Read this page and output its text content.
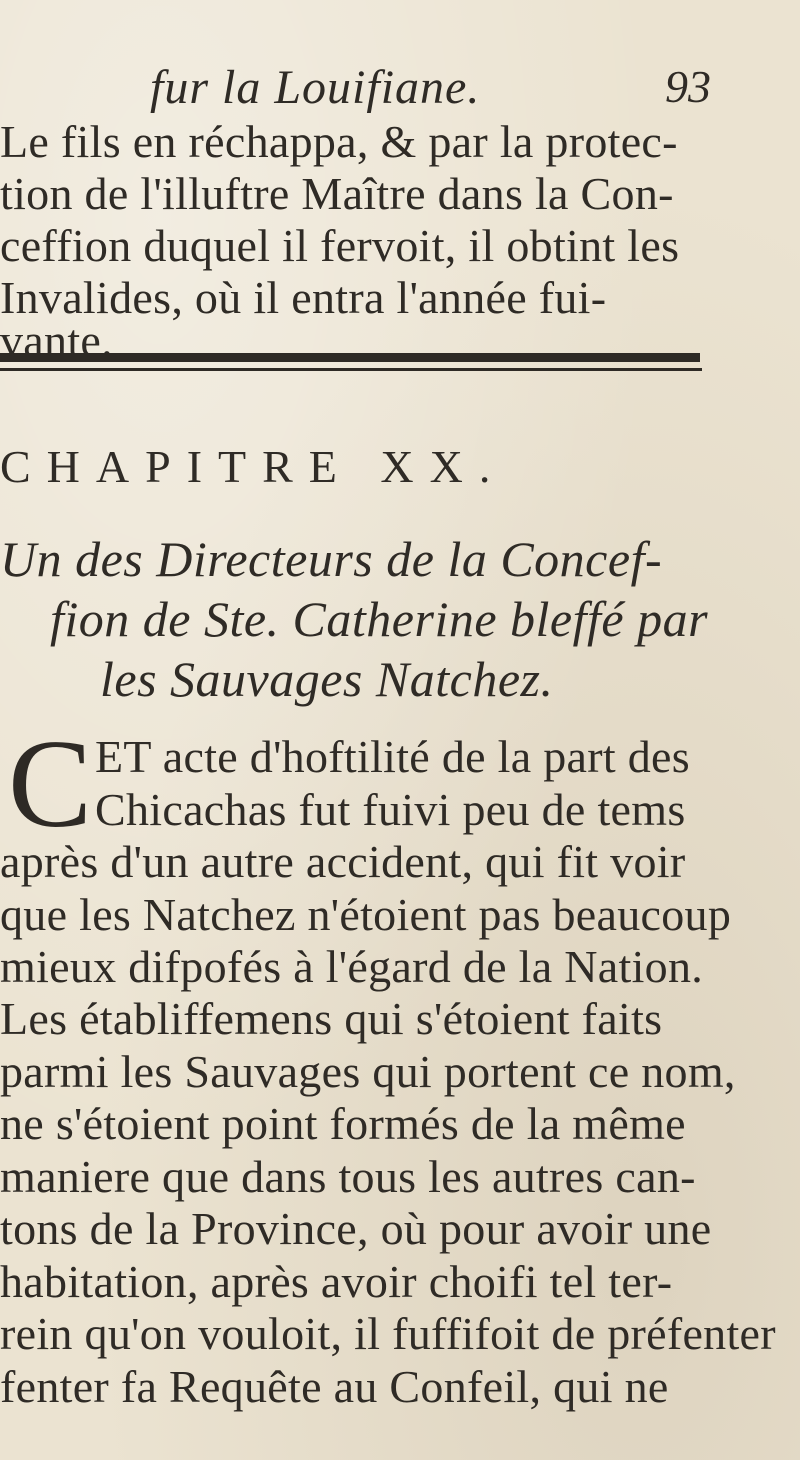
fur la Louifiane.	93
Le fils en réchappa, & par la protec-
tion de l'illuftre Maître dans la Con-
ceffion duquel il fervoit, il obtint les
Invalides, où il entra l'année fui-
vante.
CHAPITRE XX.
Un des Directeurs de la Concef-
fion de Ste. Catherine bleffé par
les Sauvages Natchez.
C ET acte d'hoftilité de la part des
Chicachas fut fuivi peu de tems
après d'un autre accident, qui fit voir
que les Natchez n'étoient pas beaucoup
mieux difpofés à l'égard de la Nation.
Les établiffemens qui s'étoient faits
parmi les Sauvages qui portent ce nom,
ne s'étoient point formés de la même
maniere que dans tous les autres can-
tons de la Province, où pour avoir une
habitation, après avoir choifi tel ter-
rein qu'on vouloit, il fuffifoit de préfenter
fenter fa Requête au Confeil, qui ne
